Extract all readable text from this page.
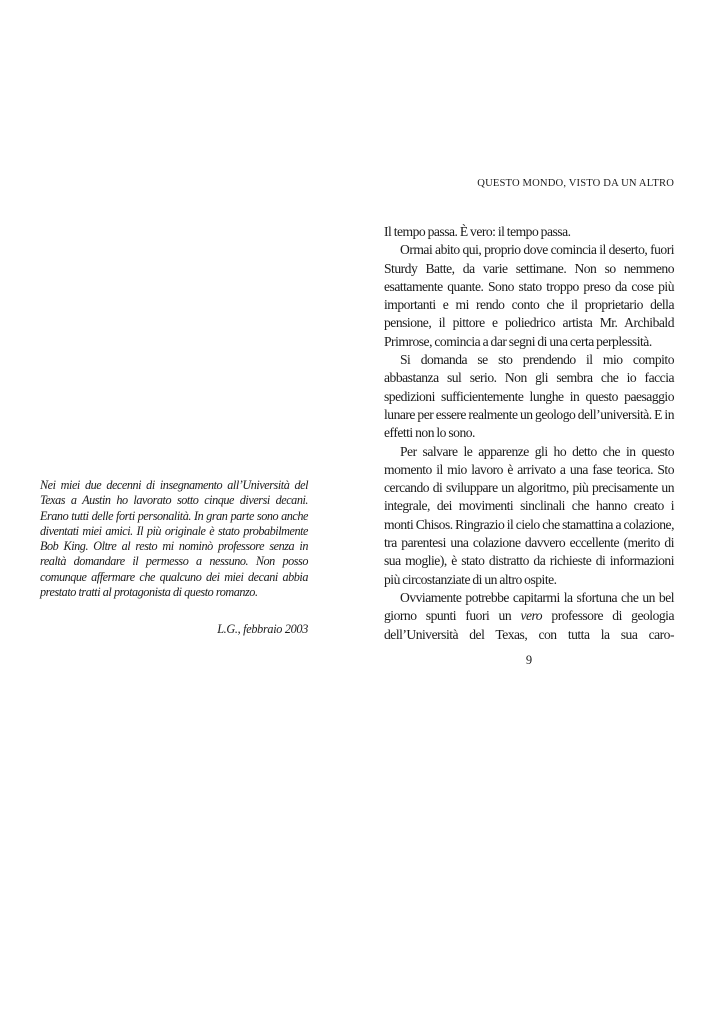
Nei miei due decenni di insegnamento all’Università del Texas a Austin ho lavorato sotto cinque diversi decani. Erano tutti delle forti personalità. In gran parte sono anche diventati miei amici. Il più originale è stato probabilmente Bob King. Oltre al resto mi nominò professore senza in realtà domandare il permesso a nessuno. Non posso comunque affermare che qualcuno dei miei decani abbia prestato tratti al protagonista di questo romanzo.

L.G., febbraio 2003

QUESTO MONDO, VISTO DA UN ALTRO

Il tempo passa. È vero: il tempo passa.

Ormai abito qui, proprio dove comincia il deserto, fuori Sturdy Batte, da varie settimane. Non so nemmeno esattamente quante. Sono stato troppo preso da cose più importanti e mi rendo conto che il proprietario della pensione, il pittore e poliedrico artista Mr. Archibald Primrose, comincia a dar segni di una certa perplessità.

Si domanda se sto prendendo il mio compito abbastanza sul serio. Non gli sembra che io faccia spedizioni sufficientemente lunghe in questo paesaggio lunare per essere realmente un geologo dell’università. E in effetti non lo sono.

Per salvare le apparenze gli ho detto che in questo momento il mio lavoro è arrivato a una fase teorica. Sto cercando di sviluppare un algoritmo, più precisamente un integrale, dei movimenti sinclinali che hanno creato i monti Chisos. Ringrazio il cielo che stamattina a colazione, tra parentesi una colazione davvero eccellente (merito di sua moglie), è stato distratto da richieste di informazioni più circostanziate di un altro ospite.

Ovviamente potrebbe capitarmi la sfortuna che un bel giorno spunti fuori un vero professore di geologia dell’Università del Texas, con tutta la sua caro-

9
